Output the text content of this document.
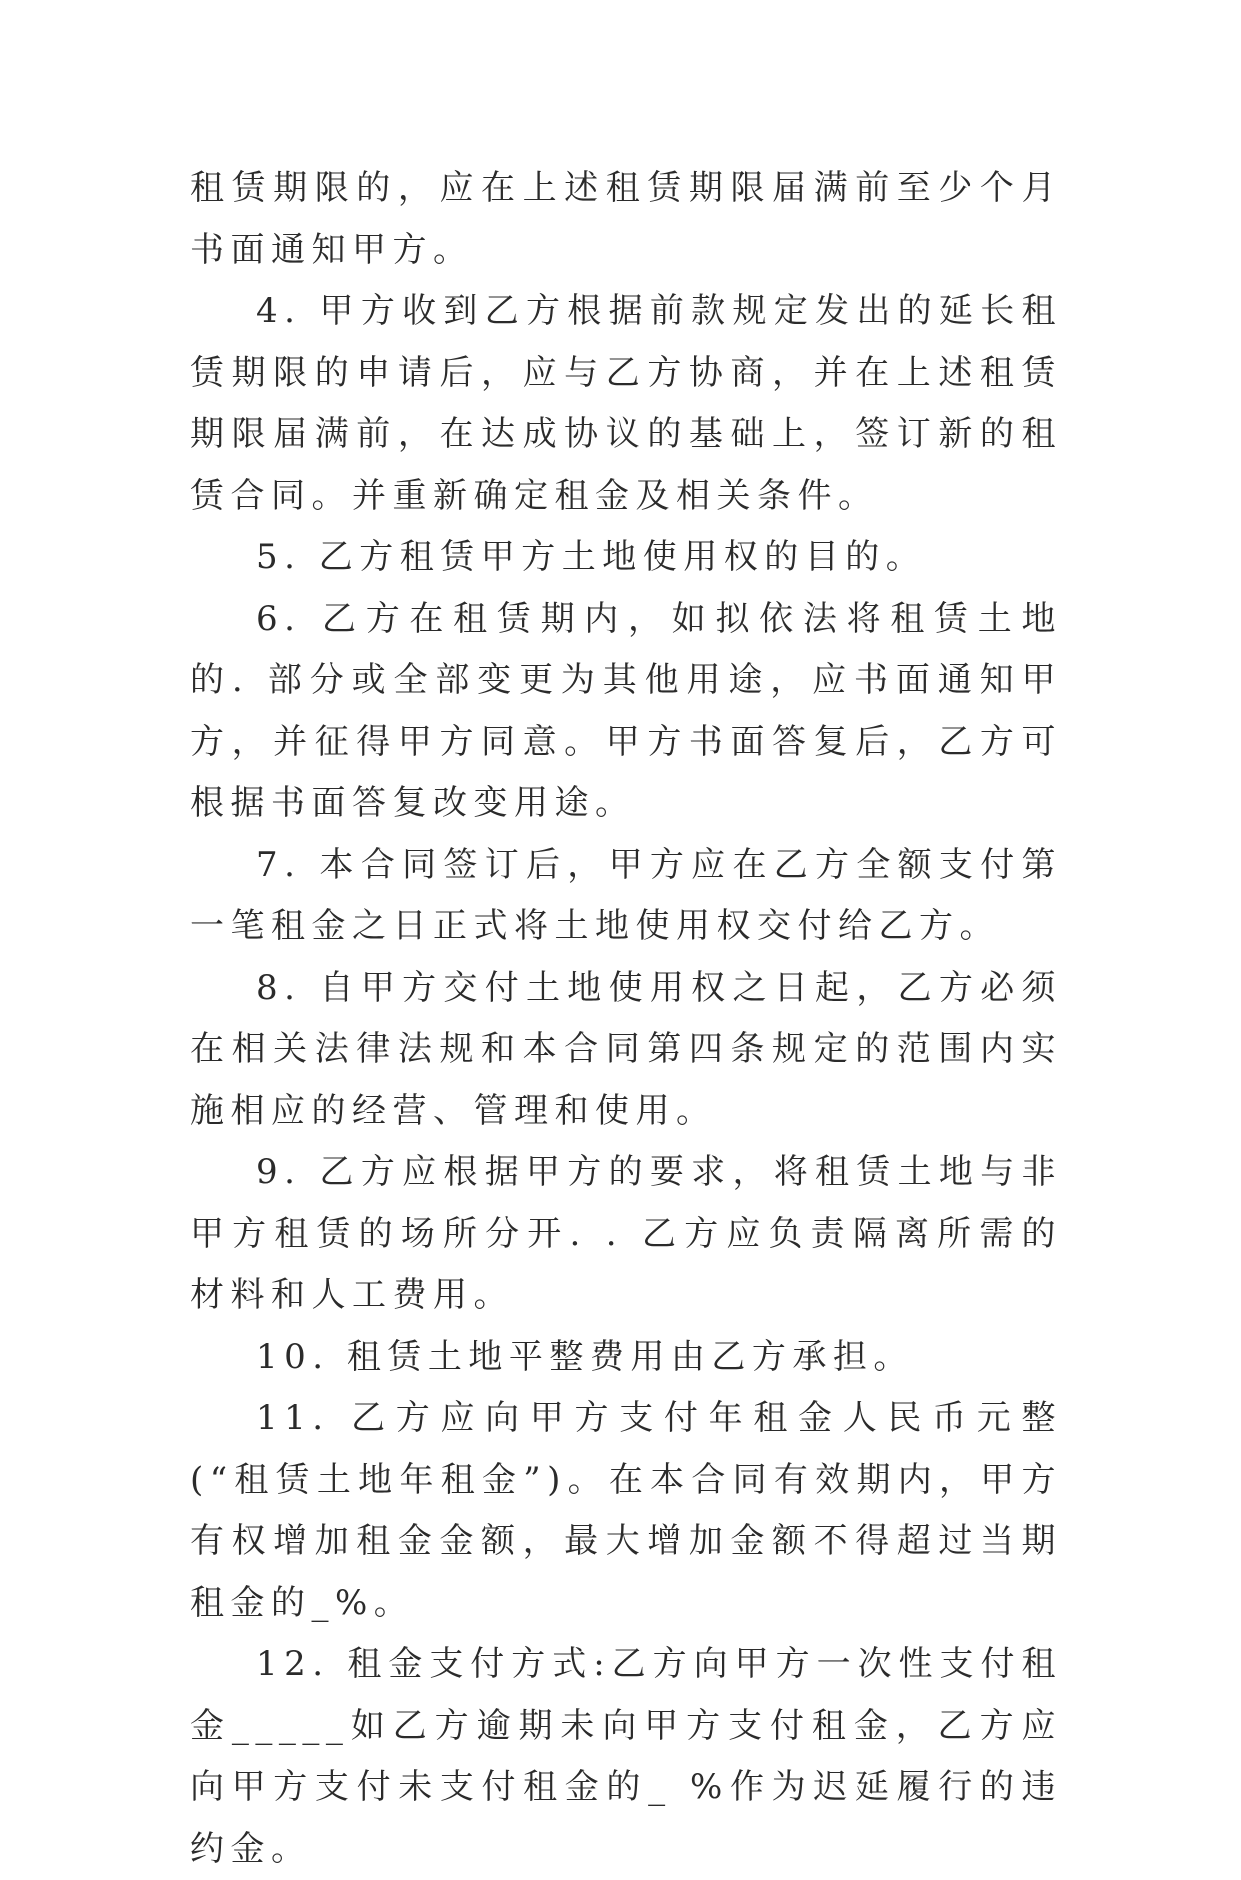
租赁期限的，应在上述租赁期限届满前至少个月书面通知甲方。

4. 甲方收到乙方根据前款规定发出的延长租赁期限的申请后，应与乙方协商，并在上述租赁期限届满前，在达成协议的基础上，签订新的租赁合同。并重新确定租金及相关条件。

5. 乙方租赁甲方土地使用权的目的。

6. 乙方在租赁期内，如拟依法将租赁土地的. 部分或全部变更为其他用途，应书面通知甲方，并征得甲方同意。甲方书面答复后，乙方可根据书面答复改变用途。

7. 本合同签订后，甲方应在乙方全额支付第一笔租金之日正式将土地使用权交付给乙方。

8. 自甲方交付土地使用权之日起，乙方必须在相关法律法规和本合同第四条规定的范围内实施相应的经营、管理和使用。

9. 乙方应根据甲方的要求，将租赁土地与非甲方租赁的场所分开. . 乙方应负责隔离所需的材料和人工费用。

10. 租赁土地平整费用由乙方承担。

11. 乙方应向甲方支付年租金人民币元整(“租赁土地年租金”)。在本合同有效期内，甲方有权增加租金金额，最大增加金额不得超过当期租金的_%。

12. 租金支付方式:乙方向甲方一次性支付租金_____如乙方逾期未向甲方支付租金，乙方应向甲方支付未支付租金的_ %作为迟延履行的违约金。
